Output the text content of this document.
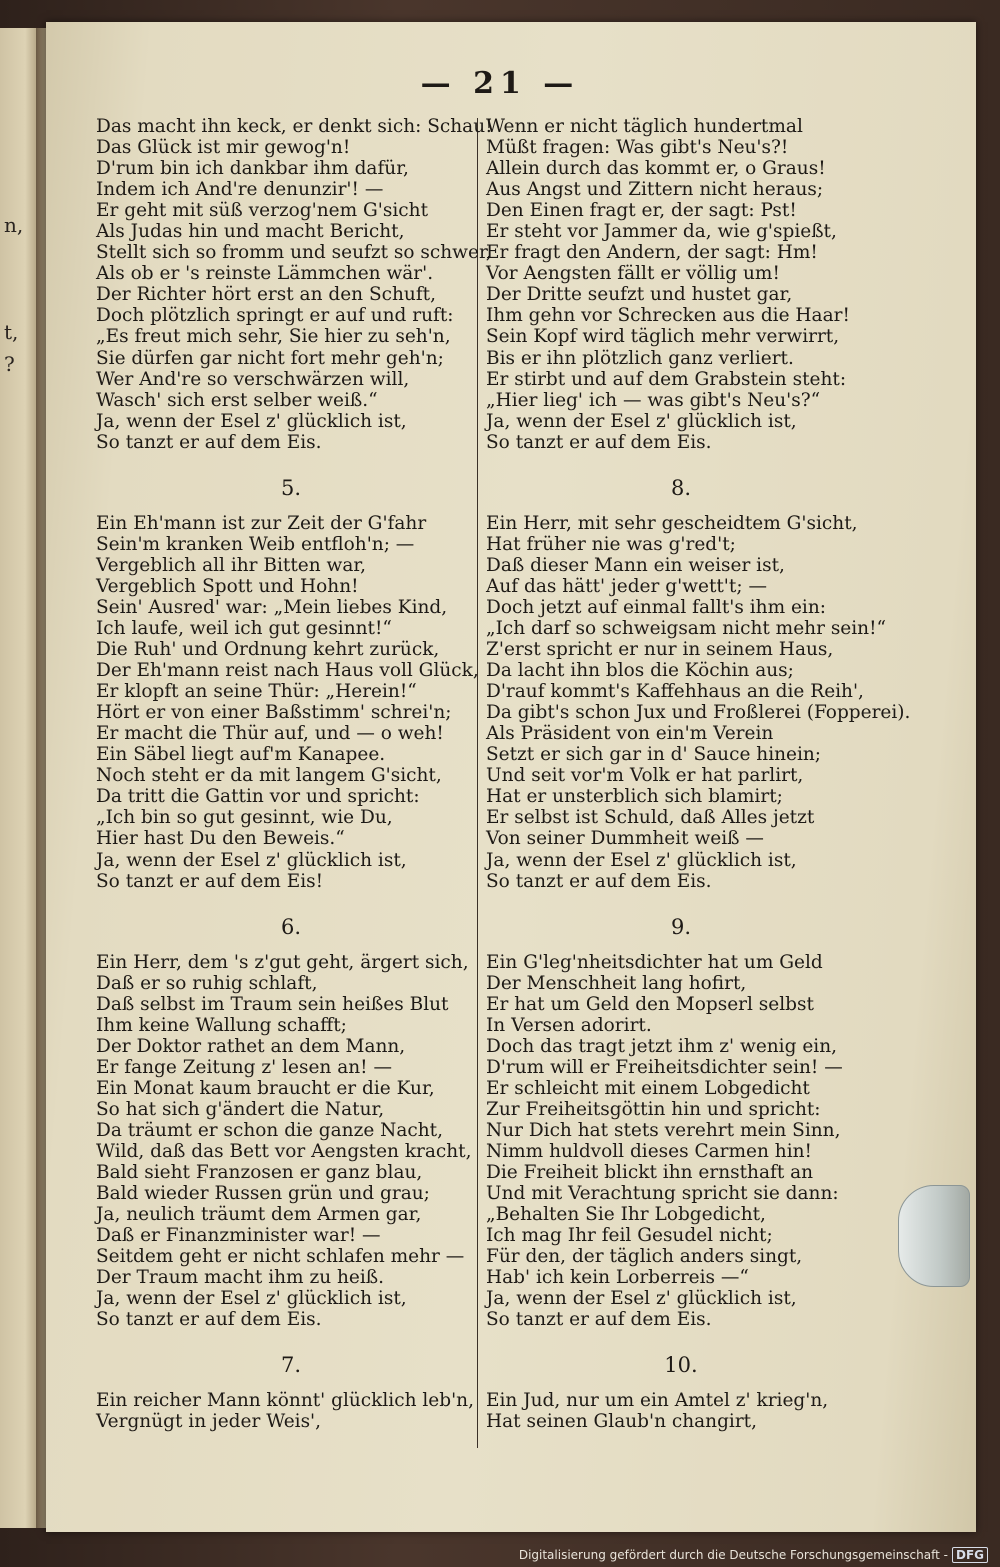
n,
t,
?
— 21 —
Das macht ihn keck, er denkt sich: Schau!
Das Glück ist mir gewog'n!
D'rum bin ich dankbar ihm dafür,
Indem ich And're denunzir'! —
Er geht mit süß verzog'nem G'sicht
Als Judas hin und macht Bericht,
Stellt sich so fromm und seufzt so schwer,
Als ob er 's reinste Lämmchen wär'.
Der Richter hört erst an den Schuft,
Doch plötzlich springt er auf und ruft:
„Es freut mich sehr, Sie hier zu seh'n,
Sie dürfen gar nicht fort mehr geh'n;
Wer And're so verschwärzen will,
Wasch' sich erst selber weiß.“
Ja, wenn der Esel z' glücklich ist,
So tanzt er auf dem Eis.
5.
Ein Eh'mann ist zur Zeit der G'fahr
Sein'm kranken Weib entfloh'n; —
Vergeblich all ihr Bitten war,
Vergeblich Spott und Hohn!
Sein' Ausred' war: „Mein liebes Kind,
Ich laufe, weil ich gut gesinnt!“
Die Ruh' und Ordnung kehrt zurück,
Der Eh'mann reist nach Haus voll Glück,
Er klopft an seine Thür: „Herein!“
Hört er von einer Baßstimm' schrei'n;
Er macht die Thür auf, und — o weh!
Ein Säbel liegt auf'm Kanapee.
Noch steht er da mit langem G'sicht,
Da tritt die Gattin vor und spricht:
„Ich bin so gut gesinnt, wie Du,
Hier hast Du den Beweis.“
Ja, wenn der Esel z' glücklich ist,
So tanzt er auf dem Eis!
6.
Ein Herr, dem 's z'gut geht, ärgert sich,
Daß er so ruhig schlaft,
Daß selbst im Traum sein heißes Blut
Ihm keine Wallung schafft;
Der Doktor rathet an dem Mann,
Er fange Zeitung z' lesen an! —
Ein Monat kaum braucht er die Kur,
So hat sich g'ändert die Natur,
Da träumt er schon die ganze Nacht,
Wild, daß das Bett vor Aengsten kracht,
Bald sieht Franzosen er ganz blau,
Bald wieder Russen grün und grau;
Ja, neulich träumt dem Armen gar,
Daß er Finanzminister war! —
Seitdem geht er nicht schlafen mehr —
Der Traum macht ihm zu heiß.
Ja, wenn der Esel z' glücklich ist,
So tanzt er auf dem Eis.
7.
Ein reicher Mann könnt' glücklich leb'n,
Vergnügt in jeder Weis',
Wenn er nicht täglich hundertmal
Müßt fragen: Was gibt's Neu's?!
Allein durch das kommt er, o Graus!
Aus Angst und Zittern nicht heraus;
Den Einen fragt er, der sagt: Pst!
Er steht vor Jammer da, wie g'spießt,
Er fragt den Andern, der sagt: Hm!
Vor Aengsten fällt er völlig um!
Der Dritte seufzt und hustet gar,
Ihm gehn vor Schrecken aus die Haar!
Sein Kopf wird täglich mehr verwirrt,
Bis er ihn plötzlich ganz verliert.
Er stirbt und auf dem Grabstein steht:
„Hier lieg' ich — was gibt's Neu's?“
Ja, wenn der Esel z' glücklich ist,
So tanzt er auf dem Eis.
8.
Ein Herr, mit sehr gescheidtem G'sicht,
Hat früher nie was g'red't;
Daß dieser Mann ein weiser ist,
Auf das hätt' jeder g'wett't; —
Doch jetzt auf einmal fallt's ihm ein:
„Ich darf so schweigsam nicht mehr sein!“
Z'erst spricht er nur in seinem Haus,
Da lacht ihn blos die Köchin aus;
D'rauf kommt's Kaffehhaus an die Reih',
Da gibt's schon Jux und Froßlerei (Fopperei).
Als Präsident von ein'm Verein
Setzt er sich gar in d' Sauce hinein;
Und seit vor'm Volk er hat parlirt,
Hat er unsterblich sich blamirt;
Er selbst ist Schuld, daß Alles jetzt
Von seiner Dummheit weiß —
Ja, wenn der Esel z' glücklich ist,
So tanzt er auf dem Eis.
9.
Ein G'leg'nheitsdichter hat um Geld
Der Menschheit lang hofirt,
Er hat um Geld den Mopserl selbst
In Versen adorirt.
Doch das tragt jetzt ihm z' wenig ein,
D'rum will er Freiheitsdichter sein! —
Er schleicht mit einem Lobgedicht
Zur Freiheitsgöttin hin und spricht:
Nur Dich hat stets verehrt mein Sinn,
Nimm huldvoll dieses Carmen hin!
Die Freiheit blickt ihn ernsthaft an
Und mit Verachtung spricht sie dann:
„Behalten Sie Ihr Lobgedicht,
Ich mag Ihr feil Gesudel nicht;
Für den, der täglich anders singt,
Hab' ich kein Lorberreis —“
Ja, wenn der Esel z' glücklich ist,
So tanzt er auf dem Eis.
10.
Ein Jud, nur um ein Amtel z' krieg'n,
Hat seinen Glaub'n changirt,
Digitalisierung gefördert durch die Deutsche Forschungsgemeinschaft - DFG
